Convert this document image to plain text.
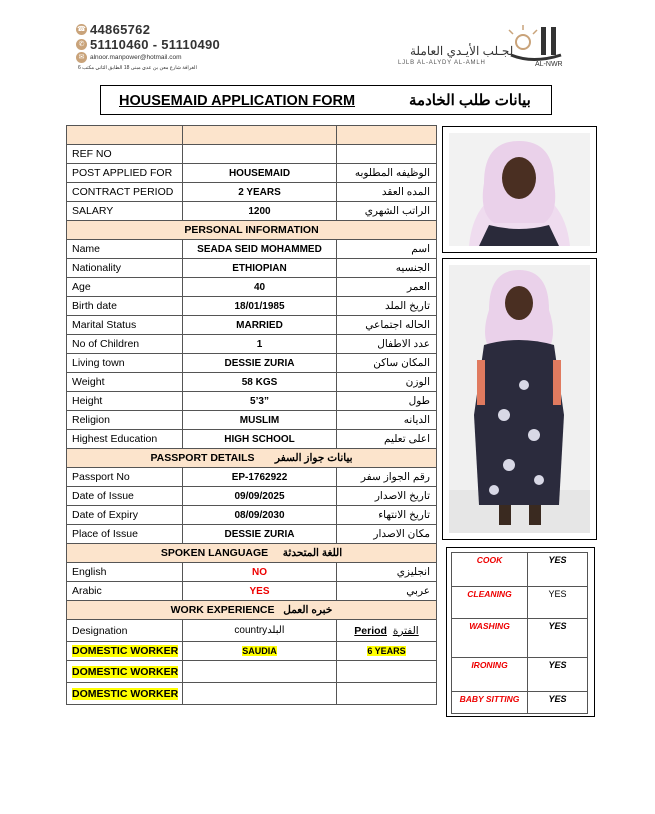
☎ 44865762
✆ 51110460 - 51110490
✉ alnoor.manpower@hotmail.com
الغرافة شارع معن بن عدي مبنى 18 الطابق الثاني مكتب 6
لجـلب الأيـدي العاملة
LJLB AL-ALYDY AL-AMLH	AL-NWR
HOUSEMAID APPLICATION FORM	بيانات طلب الخادمة

REF NO		
POST APPLIED FOR	HOUSEMAID	الوظيفه المطلوبه
CONTRACT PERIOD	2 YEARS	المده العقد
SALARY	1200	الراتب الشهري
PERSONAL INFORMATION		
Name	SEADA SEID MOHAMMED	اسم
Nationality	ETHIOPIAN	الجنسيه
Age	40	العمر
Birth date	18/01/1985	تاريخ الملد
Marital Status	MARRIED	الحاله اجتماعي
No of Children	1	عدد الاطفال
Living town	DESSIE ZURIA	المكان ساكن
Weight	58 KGS	الوزن
Height	5’3”	طول
Religion	MUSLIM	الديانه
Highest Education	HIGH SCHOOL	اعلى تعليم
PASSPORT DETAILS بيانات جواز السفر		
Passport No	EP-1762922	رقم الجواز سفر
Date of Issue	09/09/2025	تاريخ الاصدار
Date of Expiry	08/09/2030	تاريخ الانتهاء
Place of Issue	DESSIE ZURIA	مكان الاصدار
SPOKEN LANGUAGE اللغة المتحدثة		
English	NO	انجليزي
Arabic	YES	عربي
WORK EXPERIENCE خبره العمل		
Designation	countryالبلد	Period الفترة
DOMESTIC WORKER	SAUDIA	6 YEARS
DOMESTIC WORKER		
DOMESTIC WORKER		
COOK	YES
CLEANING	YES
WASHING	YES
IRONING	YES
BABY SITTING	YES
